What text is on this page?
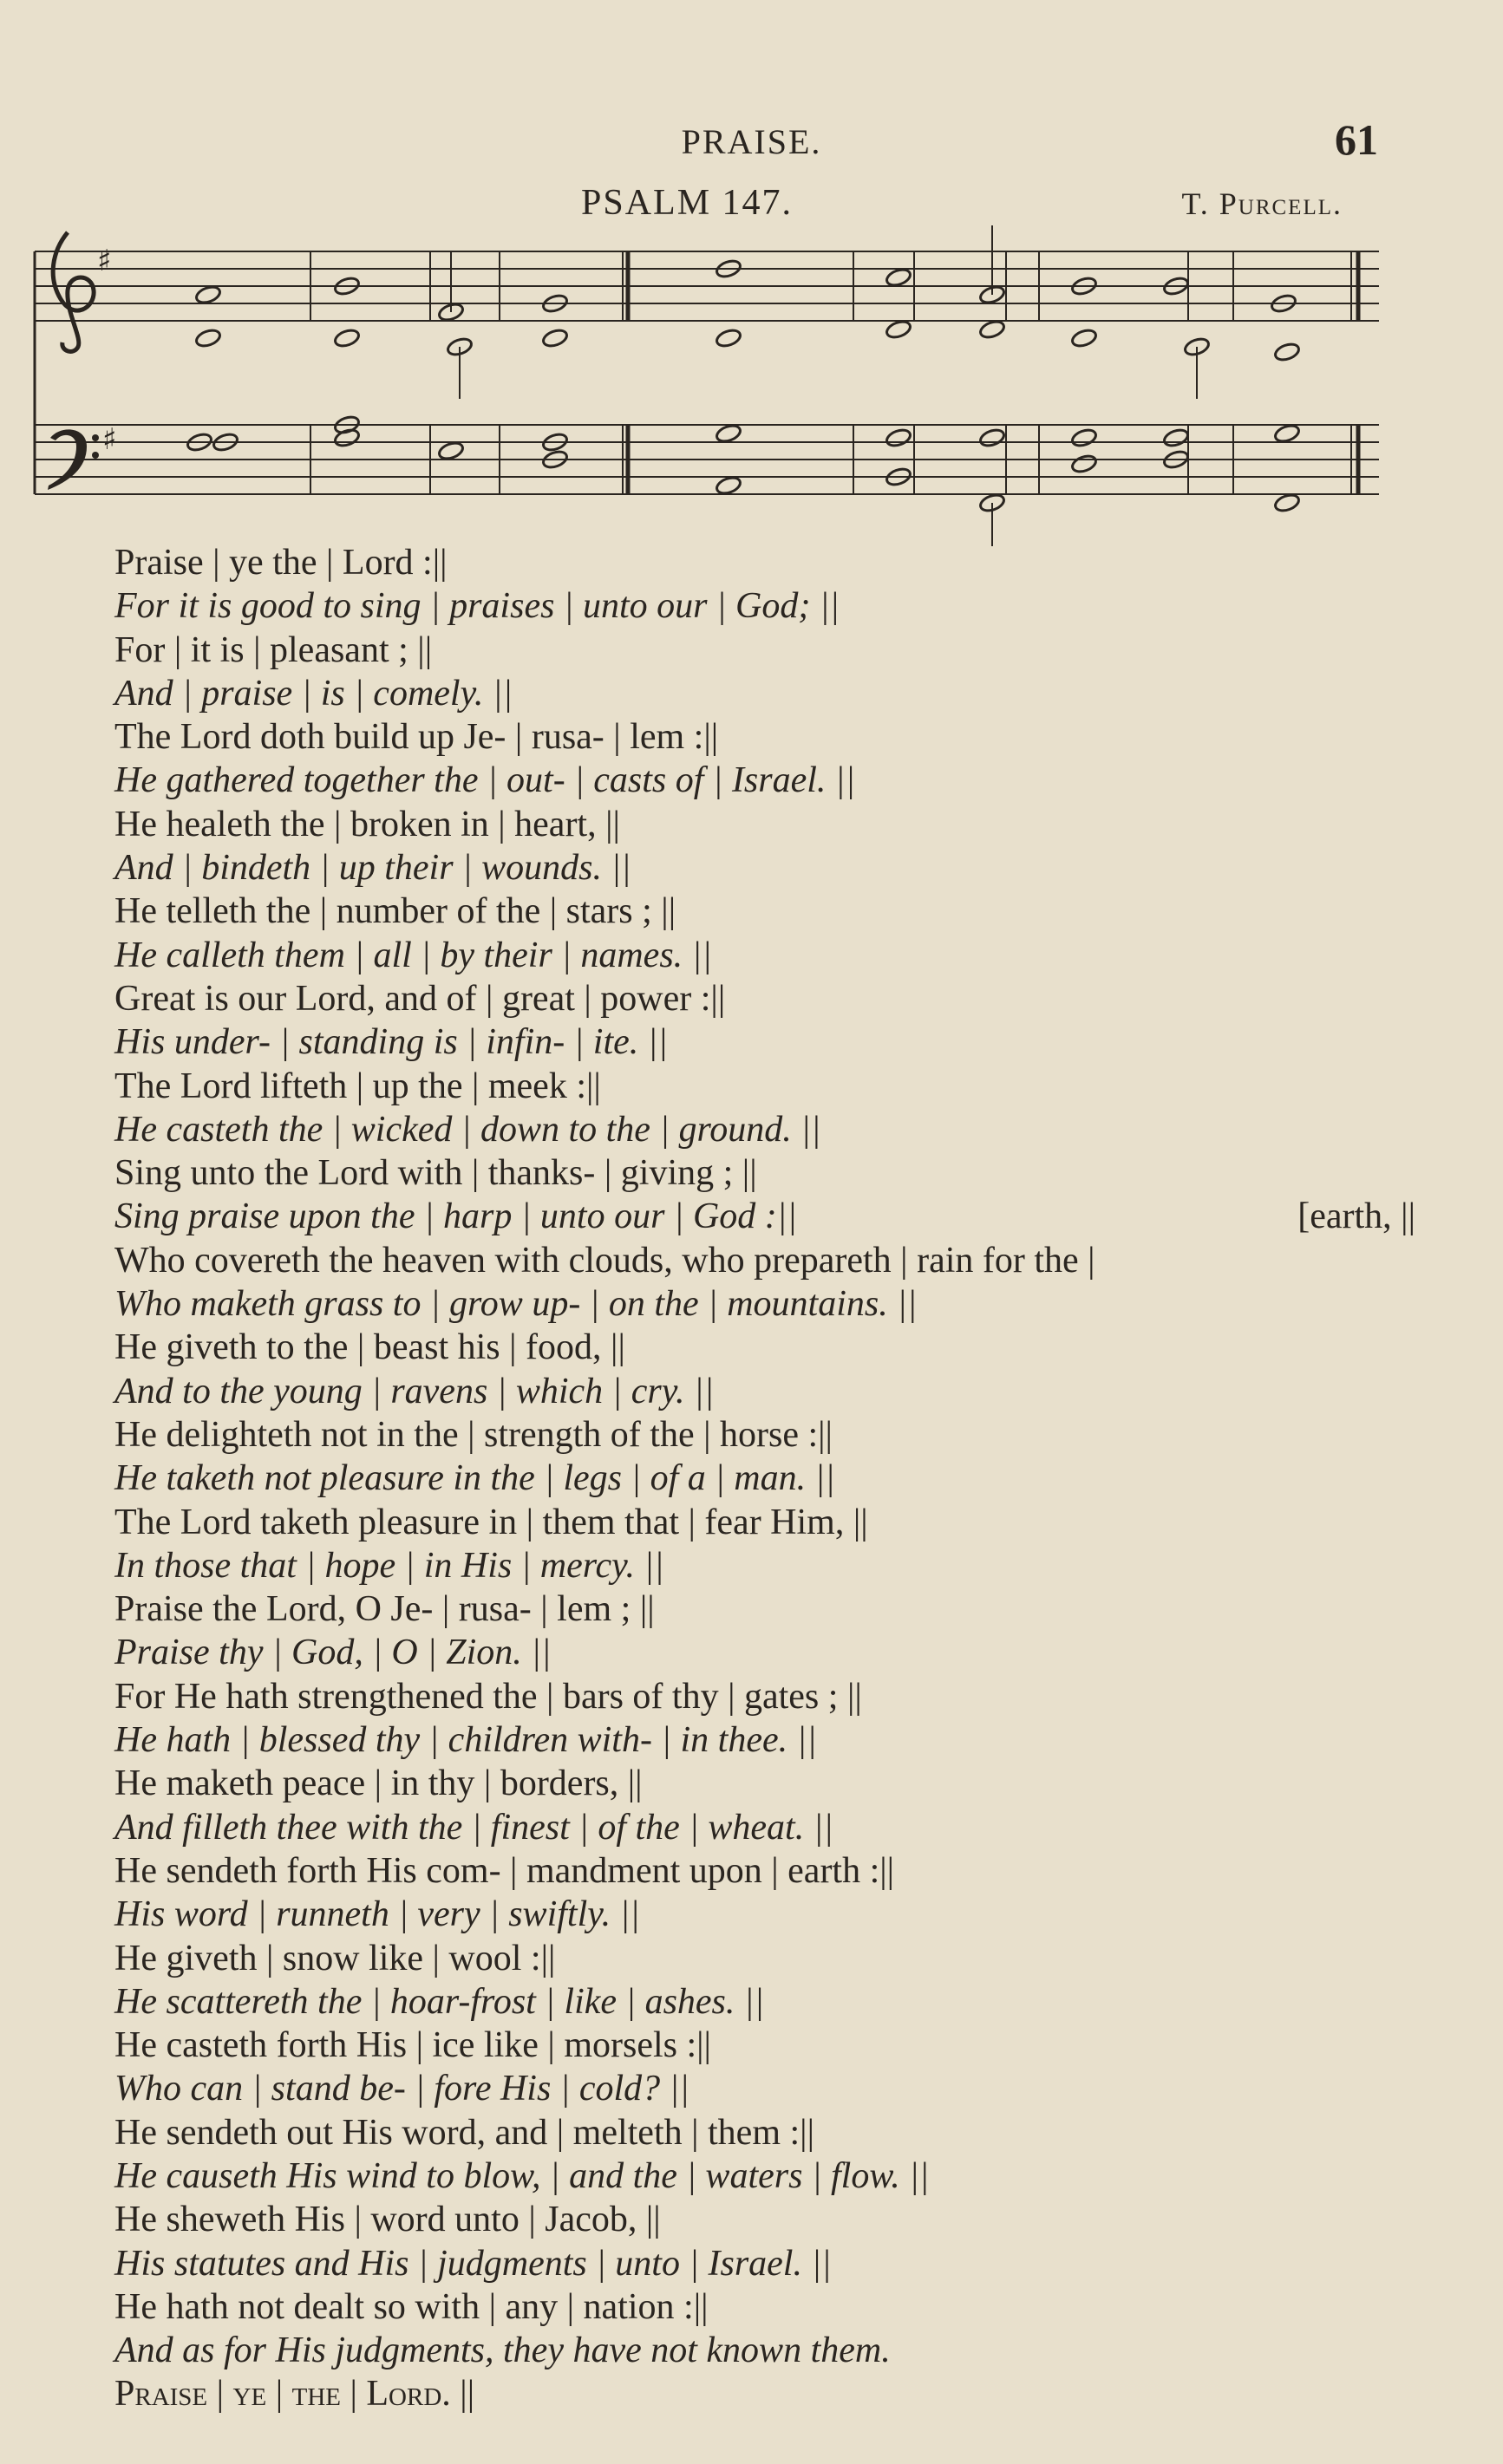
PRAISE.	61
PSALM 147.	T. Purcell.
♯
♯
Praise | ye the | Lord :||
For it is good to sing | praises | unto our | God; ||
For | it is | pleasant ; ||
And | praise | is | comely. ||
The Lord doth build up Je- | rusa- | lem :||
He gathered together the | out- | casts of | Israel. ||
He healeth the | broken in | heart, ||
And | bindeth | up their | wounds. ||
He telleth the | number of the | stars ; ||
He calleth them | all | by their | names. ||
Great is our Lord, and of | great | power :||
His under- | standing is | infin- | ite. ||
The Lord lifteth | up the | meek :||
He casteth the | wicked | down to the | ground. ||
Sing unto the Lord with | thanks- | giving ; ||
Sing praise upon the | harp | unto our | God :||	[earth, ||
Who covereth the heaven with clouds, who prepareth | rain for the |
Who maketh grass to | grow up- | on the | mountains. ||
He giveth to the | beast his | food, ||
And to the young | ravens | which | cry. ||
He delighteth not in the | strength of the | horse :||
He taketh not pleasure in the | legs | of a | man. ||
The Lord taketh pleasure in | them that | fear Him, ||
In those that | hope | in His | mercy. ||
Praise the Lord, O Je- | rusa- | lem ; ||
Praise thy | God, | O | Zion. ||
For He hath strengthened the | bars of thy | gates ; ||
He hath | blessed thy | children with- | in thee. ||
He maketh peace | in thy | borders, ||
And filleth thee with the | finest | of the | wheat. ||
He sendeth forth His com- | mandment upon | earth :||
His word | runneth | very | swiftly. ||
He giveth | snow like | wool :||
He scattereth the | hoar-frost | like | ashes. ||
He casteth forth His | ice like | morsels :||
Who can | stand be- | fore His | cold? ||
He sendeth out His word, and | melteth | them :||
He causeth His wind to blow, | and the | waters | flow. ||
He sheweth His | word unto | Jacob, ||
His statutes and His | judgments | unto | Israel. ||
He hath not dealt so with | any | nation :||
And as for His judgments, they have not known them.
Praise | ye | the | Lord. ||
